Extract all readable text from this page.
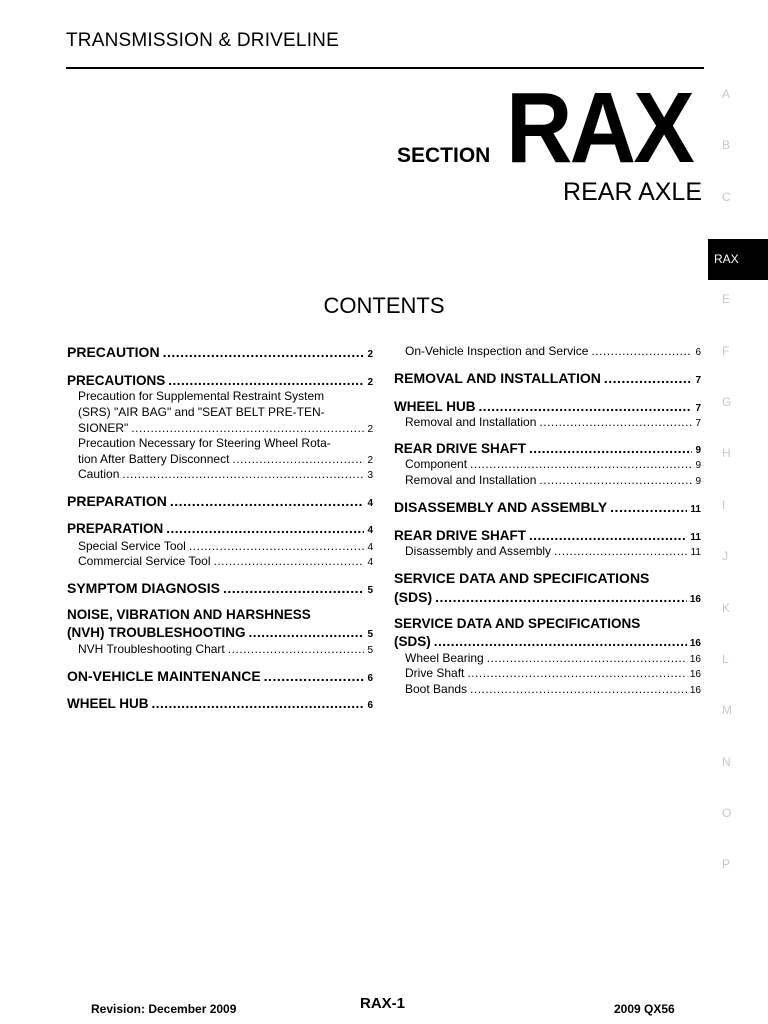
TRANSMISSION & DRIVELINE
SECTION RAX
REAR AXLE
CONTENTS
A
B
C
RAX
E
F
G
H
I
J
K
L
M
N
O
P
PRECAUTION .....	2
PRECAUTIONS .....	2
Precaution for Supplemental Restraint System
(SRS) "AIR BAG" and "SEAT BELT PRE-TEN-
SIONER" .....	2
Precaution Necessary for Steering Wheel Rota-
tion After Battery Disconnect .....	2
Caution .....	3
PREPARATION .....	4
PREPARATION .....	4
Special Service Tool .....	4
Commercial Service Tool .....	4
SYMPTOM DIAGNOSIS .....	5
NOISE, VIBRATION AND HARSHNESS
(NVH) TROUBLESHOOTING .....	5
NVH Troubleshooting Chart .....	5
ON-VEHICLE MAINTENANCE .....	6
WHEEL HUB .....	6
On-Vehicle Inspection and Service .....	6
REMOVAL AND INSTALLATION .....	7
WHEEL HUB .....	7
Removal and Installation .....	7
REAR DRIVE SHAFT .....	9
Component .....	9
Removal and Installation .....	9
DISASSEMBLY AND ASSEMBLY .....	11
REAR DRIVE SHAFT .....	11
Disassembly and Assembly .....	11
SERVICE DATA AND SPECIFICATIONS
(SDS) .....	16
SERVICE DATA AND SPECIFICATIONS
(SDS) .....	16
Wheel Bearing .....	16
Drive Shaft .....	16
Boot Bands .....	16
Revision: December 2009	RAX-1	2009 QX56
